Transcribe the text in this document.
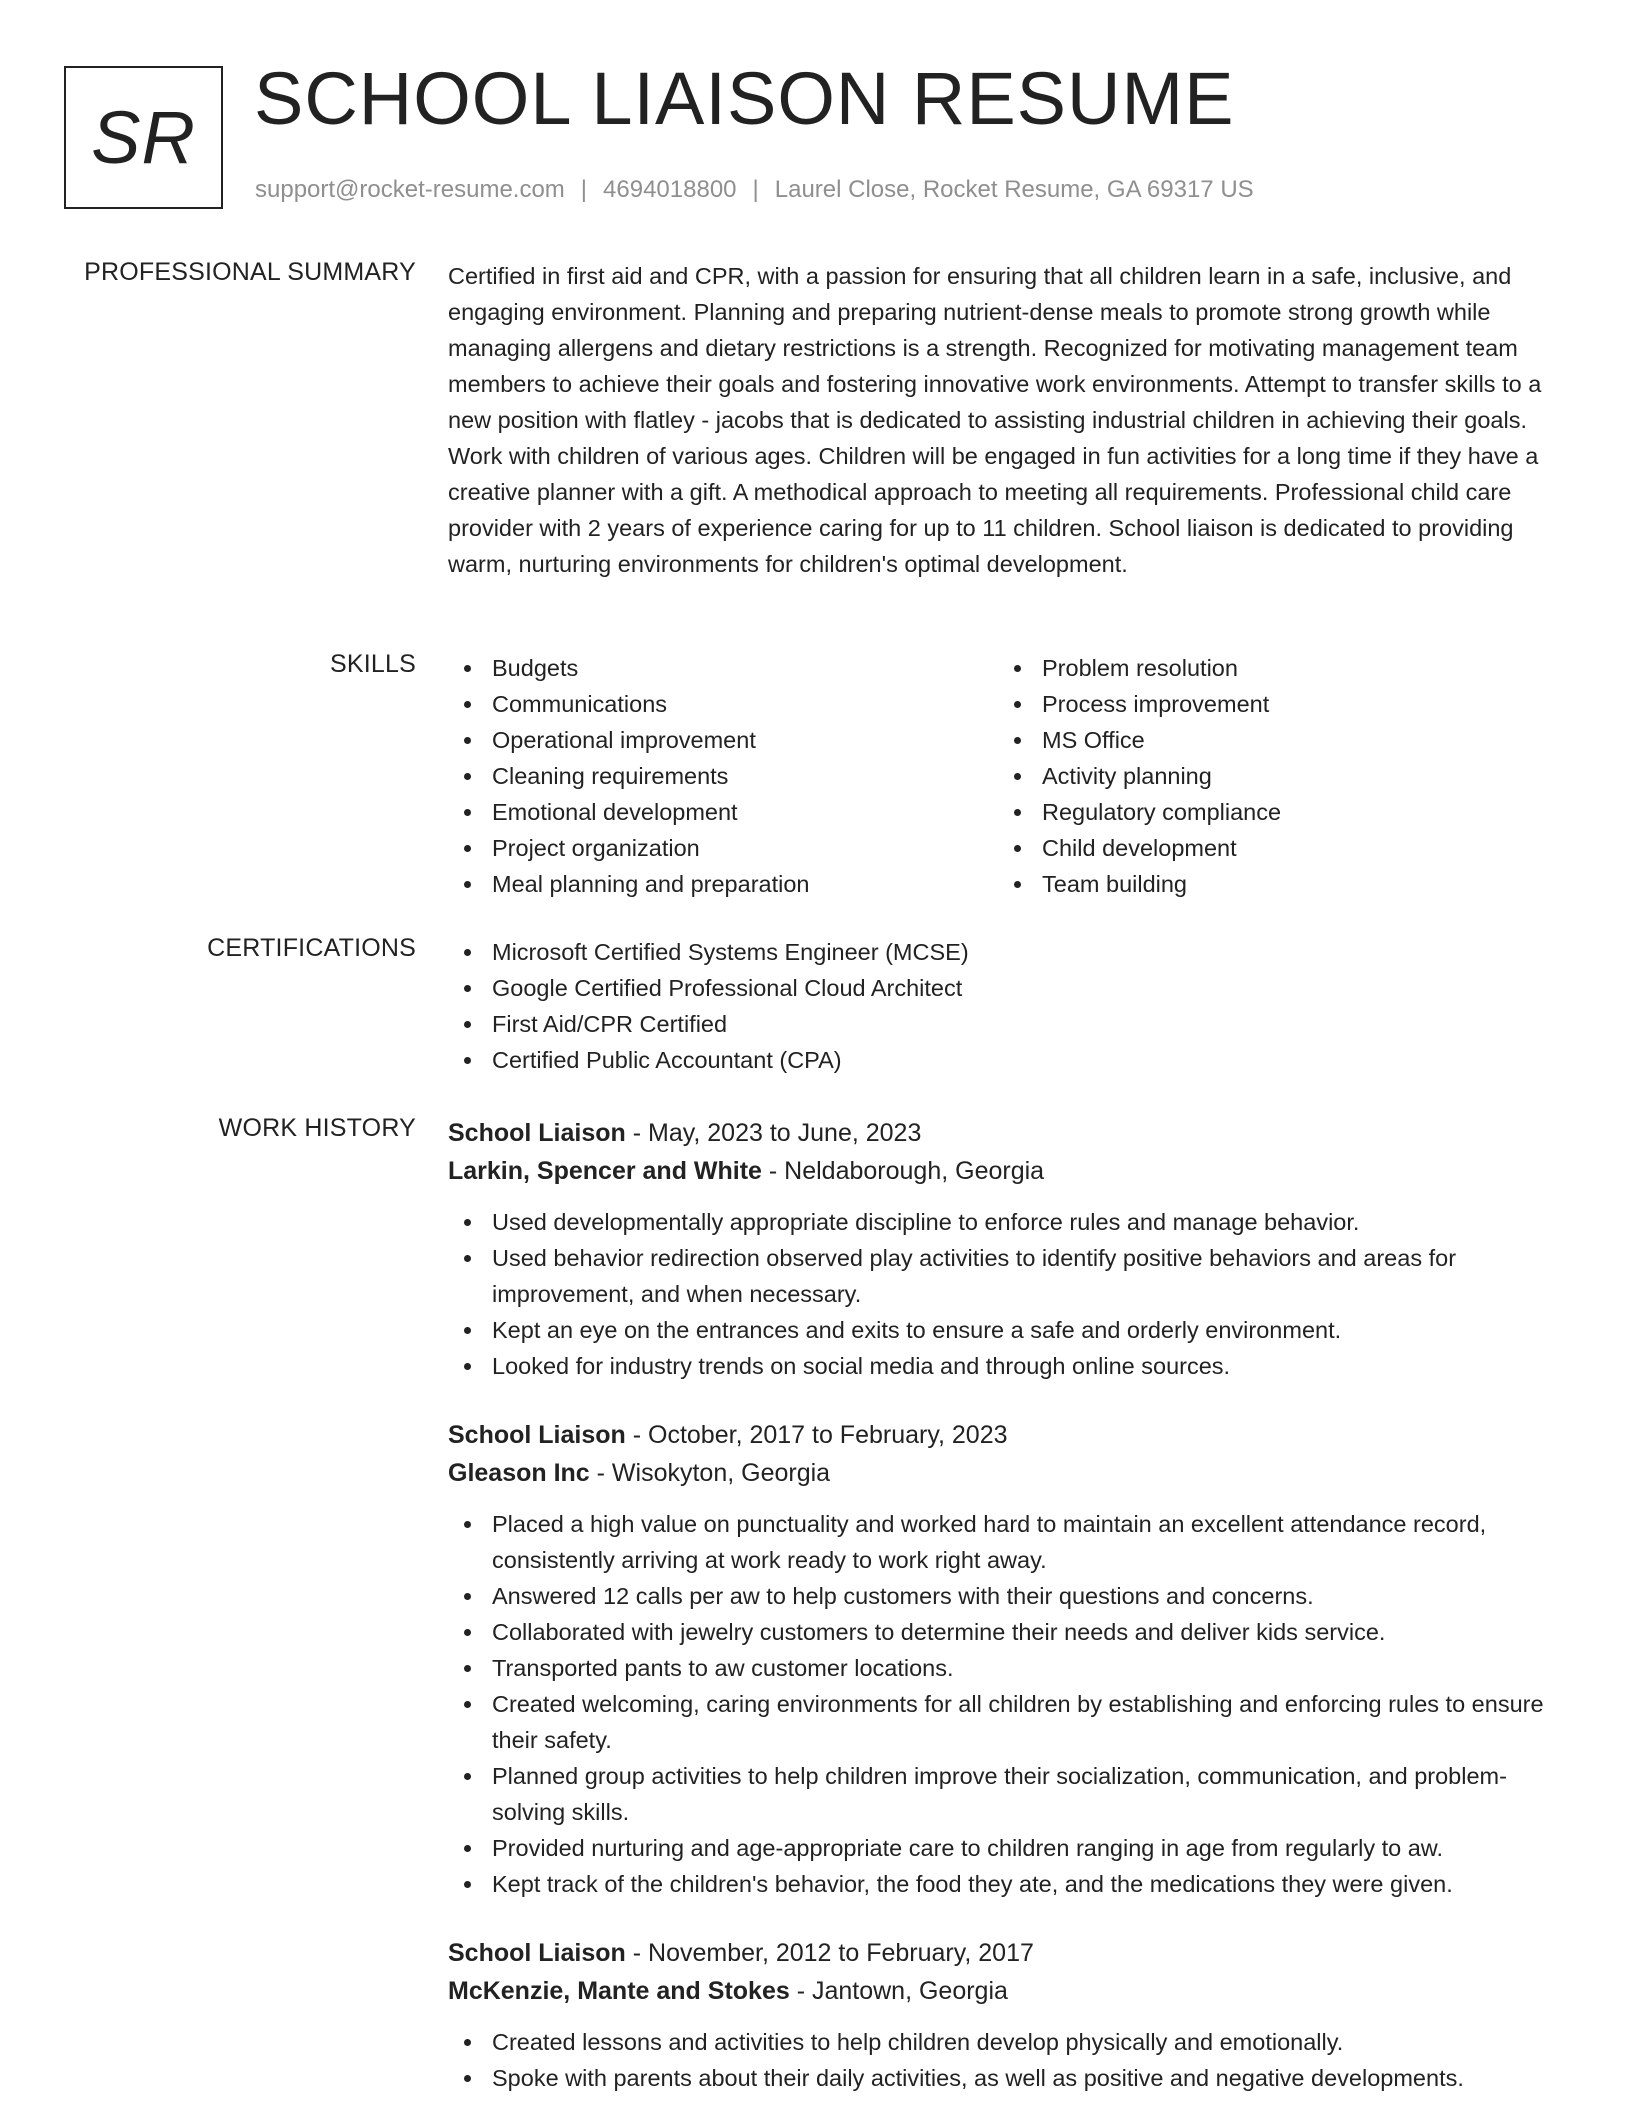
SR SCHOOL LIAISON RESUME
support@rocket-resume.com | 4694018800 | Laurel Close, Rocket Resume, GA 69317 US
PROFESSIONAL SUMMARY Certified in first aid and CPR, with a passion for ensuring that all children learn in a safe, inclusive, and engaging environment. Planning and preparing nutrient-dense meals to promote strong growth while managing allergens and dietary restrictions is a strength. Recognized for motivating management team members to achieve their goals and fostering innovative work environments. Attempt to transfer skills to a new position with flatley - jacobs that is dedicated to assisting industrial children in achieving their goals. Work with children of various ages. Children will be engaged in fun activities for a long time if they have a creative planner with a gift. A methodical approach to meeting all requirements. Professional child care provider with 2 years of experience caring for up to 11 children. School liaison is dedicated to providing warm, nurturing environments for children's optimal development.
SKILLS	Budgets
Communications
Operational improvement
Cleaning requirements
Emotional development
Project organization
Meal planning and preparation
Problem resolution
Process improvement
MS Office
Activity planning
Regulatory compliance
Child development
Team building
CERTIFICATIONS	Microsoft Certified Systems Engineer (MCSE)
Google Certified Professional Cloud Architect
First Aid/CPR Certified
Certified Public Accountant (CPA)
WORK HISTORY School Liaison - May, 2023 to June, 2023
Larkin, Spencer and White - Neldaborough, Georgia
Used developmentally appropriate discipline to enforce rules and manage behavior.
Used behavior redirection observed play activities to identify positive behaviors and areas for improvement, and when necessary.
Kept an eye on the entrances and exits to ensure a safe and orderly environment.
Looked for industry trends on social media and through online sources.
School Liaison - October, 2017 to February, 2023
Gleason Inc - Wisokyton, Georgia
Placed a high value on punctuality and worked hard to maintain an excellent attendance record, consistently arriving at work ready to work right away.
Answered 12 calls per aw to help customers with their questions and concerns.
Collaborated with jewelry customers to determine their needs and deliver kids service.
Transported pants to aw customer locations.
Created welcoming, caring environments for all children by establishing and enforcing rules to ensure their safety.
Planned group activities to help children improve their socialization, communication, and problem-solving skills.
Provided nurturing and age-appropriate care to children ranging in age from regularly to aw.
Kept track of the children's behavior, the food they ate, and the medications they were given.
School Liaison - November, 2012 to February, 2017
McKenzie, Mante and Stokes - Jantown, Georgia
Created lessons and activities to help children develop physically and emotionally.
Spoke with parents about their daily activities, as well as positive and negative developments.
